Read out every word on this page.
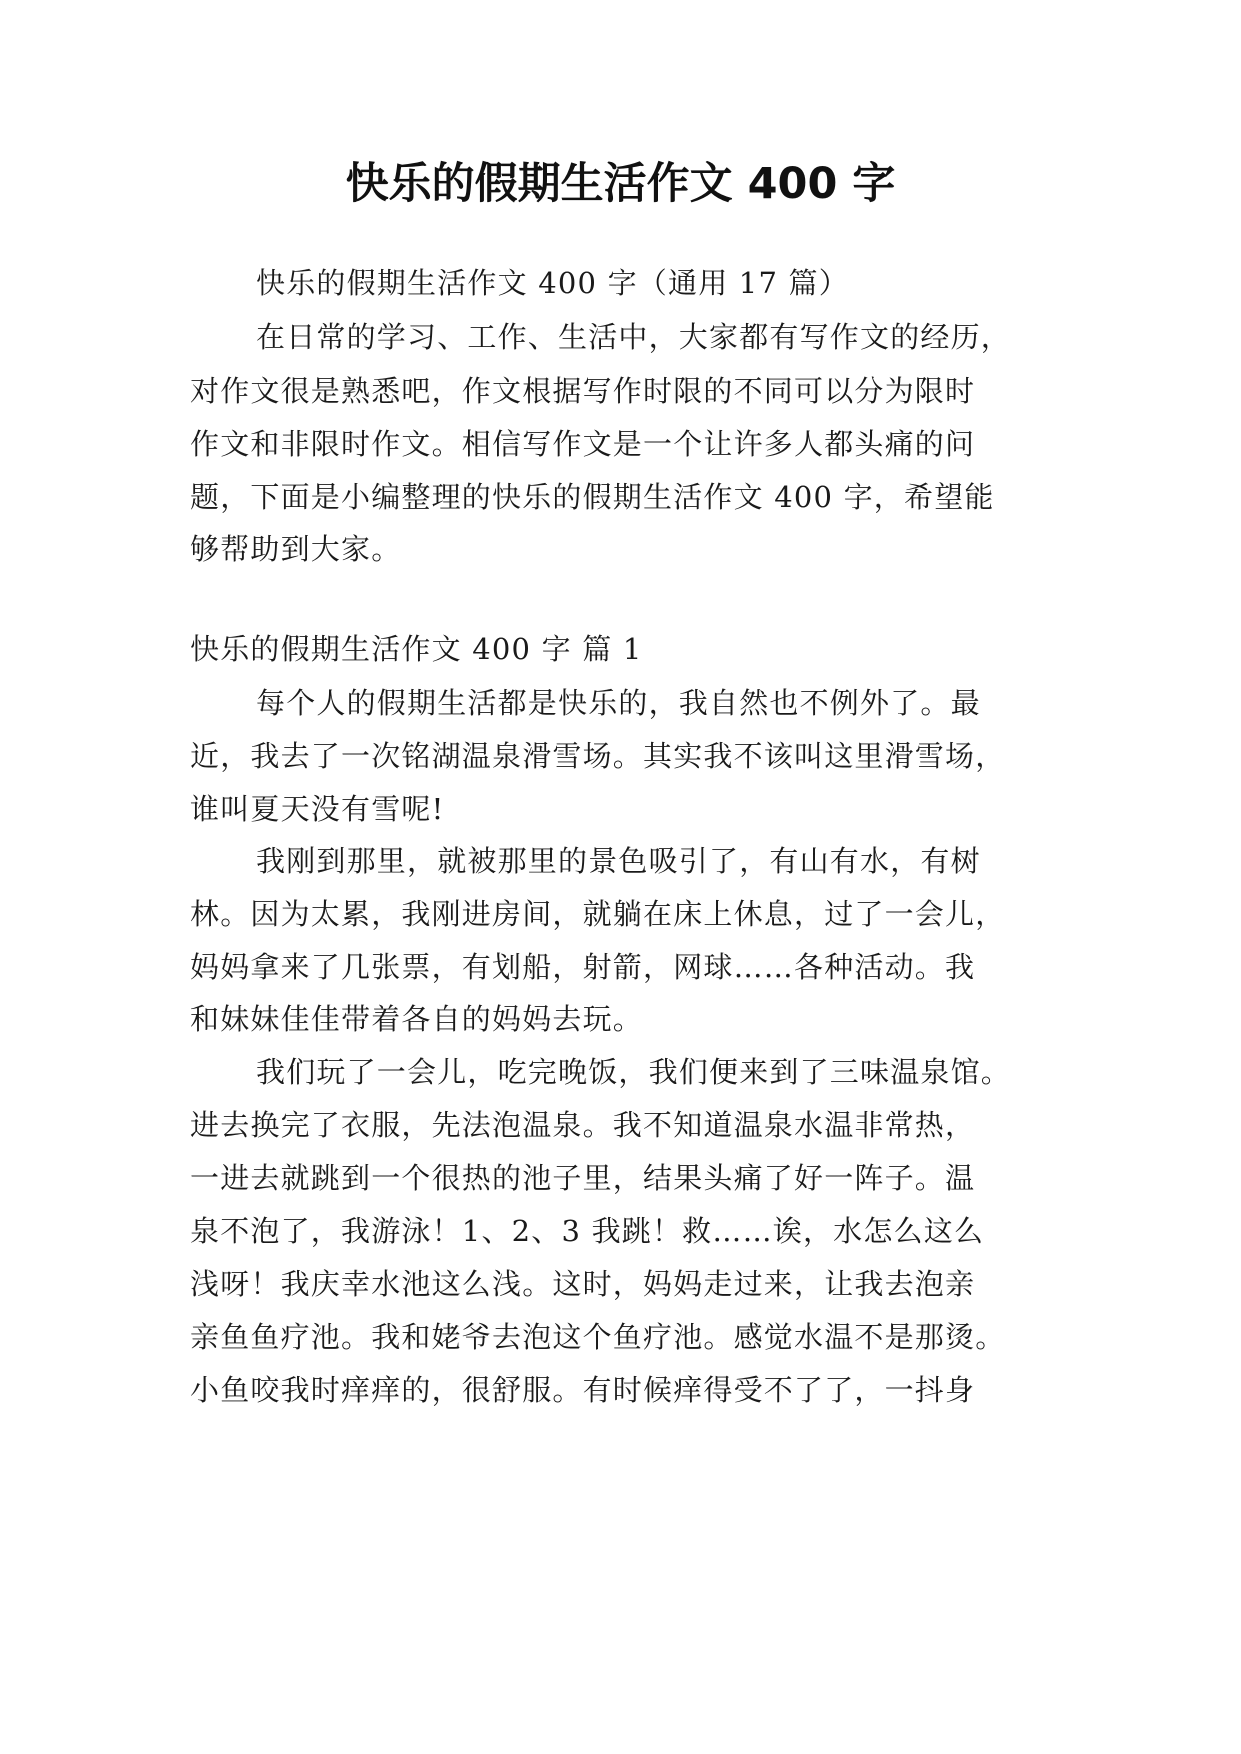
快乐的假期生活作文 400 字
快乐的假期生活作文 400 字（通用 17 篇）
在日常的学习、工作、生活中，大家都有写作文的经历，
对作文很是熟悉吧，作文根据写作时限的不同可以分为限时
作文和非限时作文。相信写作文是一个让许多人都头痛的问
题，下面是小编整理的快乐的假期生活作文 400 字，希望能
够帮助到大家。
快乐的假期生活作文 400 字 篇 1
每个人的假期生活都是快乐的，我自然也不例外了。最
近，我去了一次铭湖温泉滑雪场。其实我不该叫这里滑雪场，
谁叫夏天没有雪呢!
我刚到那里，就被那里的景色吸引了，有山有水，有树
林。因为太累，我刚进房间，就躺在床上休息，过了一会儿，
妈妈拿来了几张票，有划船，射箭，网球……各种活动。我
和妹妹佳佳带着各自的妈妈去玩。
我们玩了一会儿，吃完晚饭，我们便来到了三味温泉馆。
进去换完了衣服，先法泡温泉。我不知道温泉水温非常热，
一进去就跳到一个很热的池子里，结果头痛了好一阵子。温
泉不泡了，我游泳！1、2、3 我跳！救……诶，水怎么这么
浅呀！我庆幸水池这么浅。这时，妈妈走过来，让我去泡亲
亲鱼鱼疗池。我和姥爷去泡这个鱼疗池。感觉水温不是那烫。
小鱼咬我时痒痒的，很舒服。有时候痒得受不了了，一抖身
